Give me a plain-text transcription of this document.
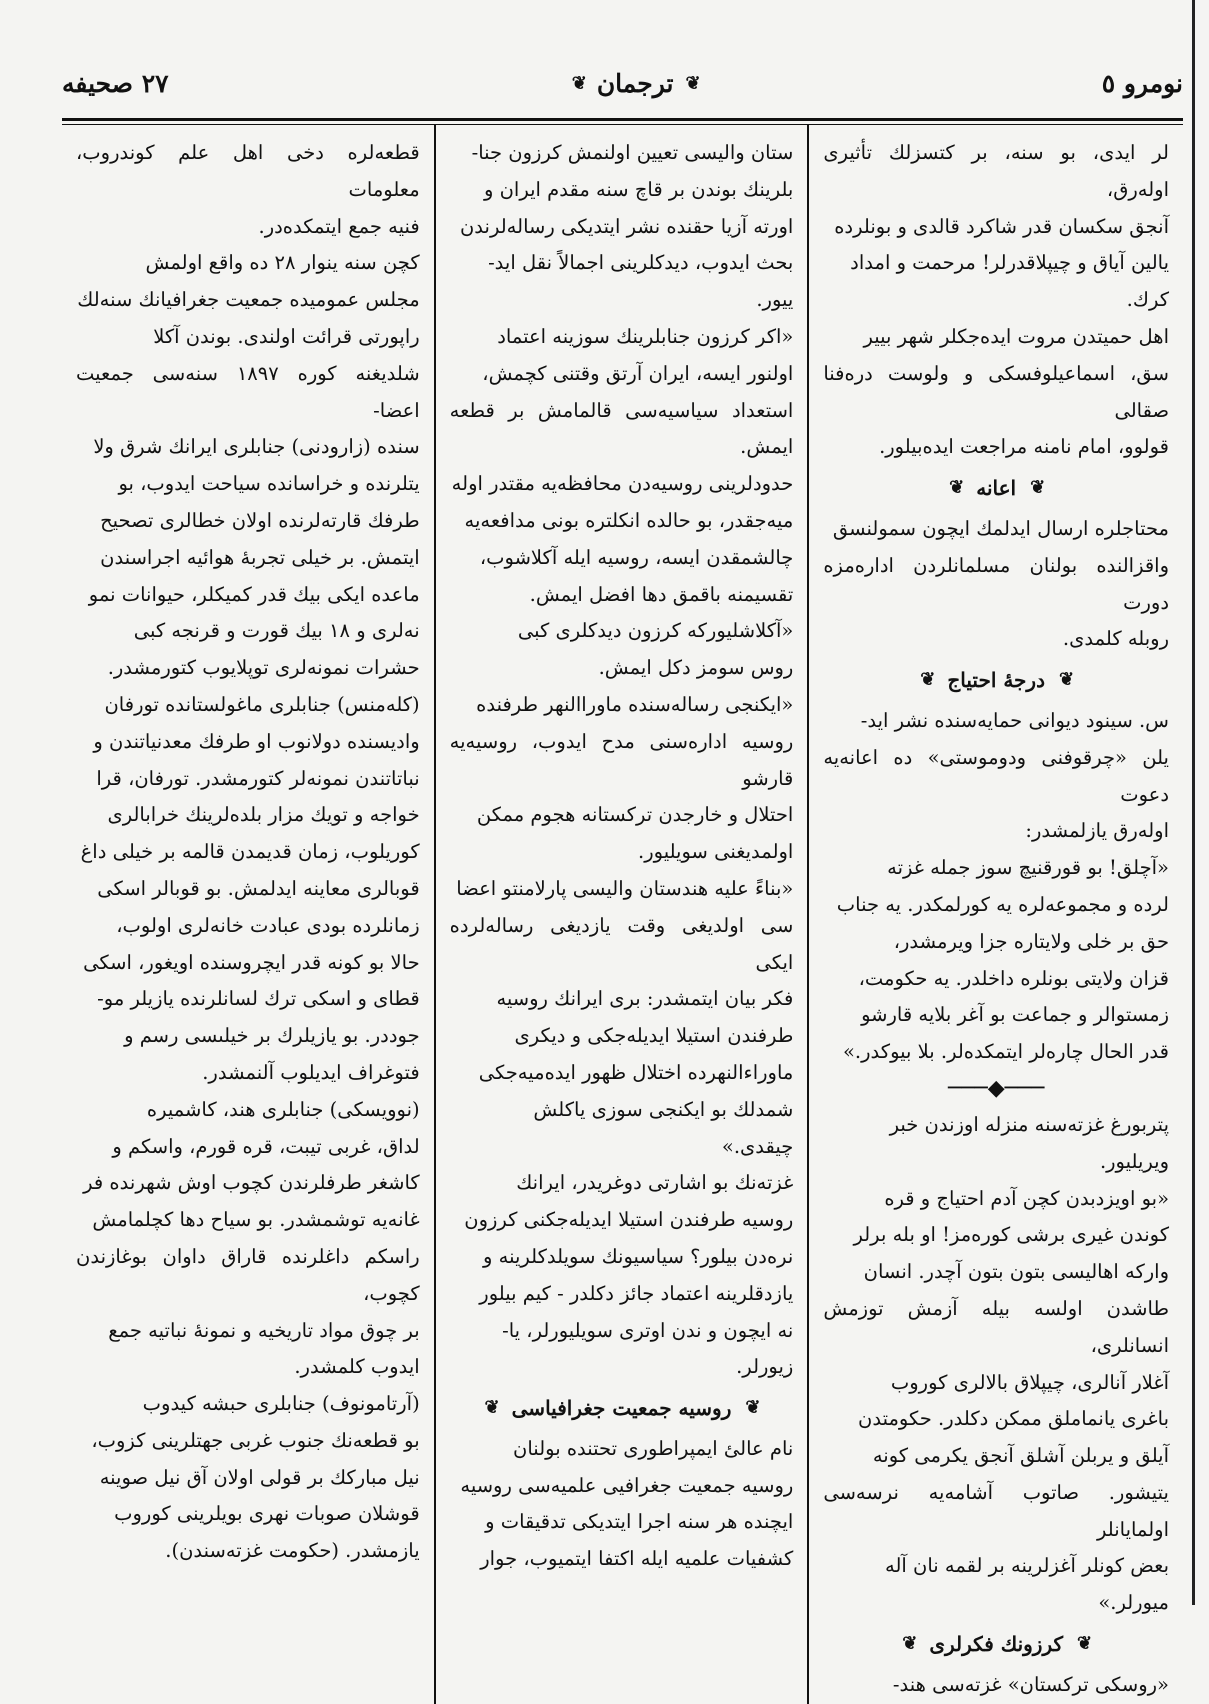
نومرو ٥
❦
ترجمان
❦
٢٧ صحيفه

لر ايدى، بو سنه، بر كتسزلك تأثيرى اولەرق،

آنجق سكسان قدر شاكرد قالدى و بونلرده

يالين آياق و چيپلاقدرلر! مرحمت و امداد

كرك.

اهل حميتدن مروت ايدەجكلر شهر بيير

سق، اسماعيلوفسكى و ولوست درەفنا صقالى

قولوو، امام نامنه مراجعت ايدەبيلور.

❦
اعانه
❦

محتاجلره ارسال ايدلمك ايچون سمولنسق

واقزالنده بولنان مسلمانلردن ادارەمزه دورت

روبله كلمدى.

❦
درجۀ احتياج
❦

س. سينود ديوانى حمايەسنده نشر ايد-

يلن «چرقوفنى ودوموستى» ده اعانەيه دعوت

اولەرق يازلمشدر:

«آچلق! بو قورقنيچ سوز جمله غزته

لرده و مجموعەلره يه كورلمكدر. يه جناب

حق بر خلى ولايتاره جزا ويرمشدر،

قزان ولايتى بونلره داخلدر. يه حكومت،

زمستوالر و جماعت بو آغر بلايه قارشو

قدر الحال چارەلر ايتمكدەلر. بلا بيوكدر.»

───◆───

پتربورغ غزتەسنه منزله اوزندن خبر

ويريليور.

«بو اويزدبدن كچن آدم احتياج و قره

كوندن غيرى برشى كورەمز! او بله برلر

واركه اهاليسى بتون بتون آچدر. انسان

طاشدن اولسه بيله آزمش توزمش انسانلرى،

آغلار آنالرى، چيپلاق بالالرى كوروب

باغرى يانماملق ممكن دكلدر. حكومتدن

آيلق و يربلن آشلق آنجق يكرمى كونه

يتيشور. صاتوب آشامەيه نرسەسى اولمايانلر

بعض كونلر آغزلرينه بر لقمه نان آله

ميورلر.»

❦
كرزونك فكرلرى
❦

«روسكى تركستان» غزتەسى هند-

ستان واليسى تعيين اولنمش كرزون جنا-

بلرينك بوندن بر قاچ سنه مقدم ايران و

اورته آزيا حقنده نشر ايتديكى رسالەلرندن

بحث ايدوب، ديدكلرينى اجمالاً نقل ايد-

ييور.

«اكر كرزون جنابلرينك سوزينه اعتماد

اولنور ايسه، ايران آرتق وقتنى كچمش،

استعداد سياسيەسى قالمامش بر قطعه ايمش.

حدودلرينى روسيەدن محافظەيه مقتدر اوله

ميەجقدر، بو حالده انكلتره بونى مدافعەيه

چالشمقدن ايسه، روسيه ايله آكلاشوب،

تقسيمنه باقمق دها افضل ايمش.

«آكلاشليوركه كرزون ديدكلرى كبى

روس سومز دكل ايمش.

«ايكنجى رسالەسنده ماوراالنهر طرفنده

روسيه ادارەسنى مدح ايدوب، روسيەيه قارشو

احتلال و خارجدن تركستانه هجوم ممكن

اولمديغنى سويليور.

«بناءً عليه هندستان واليسى پارلامنتو اعضا

سى اولديغى وقت يازديغى رسالەلرده ايكى

فكر بيان ايتمشدر: برى ايرانك روسيه

طرفندن استيلا ايديلەجكى و ديكرى

ماوراءالنهرده اختلال ظهور ايدەميەجكى

شمدلك بو ايكنجى سوزى ياكلش

چيقدى.»

غزتەنك بو اشارتى دوغريدر، ايرانك

روسيه طرفندن استيلا ايديلەجكنى كرزون

نرەدن بيلور؟ سياسيونك سويلدكلرينه و

يازدقلرينه اعتماد جائز دكلدر - كيم بيلور

نه ايچون و ندن اوترى سويليورلر، يا-

زيورلر.

❦
روسيه جمعيت جغرافياسى
❦

نام عالئ ايمپراطورى تحتنده بولنان

روسيه جمعيت جغرافيى علميەسى روسيه

ايچنده هر سنه اجرا ايتديكى تدقيقات و

كشفيات علميه ايله اكتفا ايتميوب، جوار

قطعەلره دخى اهل علم كوندروب، معلومات

فنيه جمع ايتمكدەدر.

كچن سنه ينوار ٢٨ ده واقع اولمش

مجلس عموميده جمعيت جغرافيانك سنەلك

راپورتى قرائت اولندى. بوندن آكلا

شلديغنه كوره ١٨٩٧ سنەسى جمعيت اعضا-

سنده (زارودنى) جنابلرى ايرانك شرق ولا

يتلرنده و خراسانده سياحت ايدوب، بو

طرفك قارتەلرنده اولان خطالرى تصحيح

ايتمش. بر خيلى تجربۀ هوائيه اجراسندن

ماعده ايكى بيك قدر كميكلر، حيوانات نمو

نەلرى و ١٨ بيك قورت و قرنجه كبى

حشرات نمونەلرى توپلايوب كتورمشدر.

(كلەمنس) جنابلرى ماغولستانده تورفان

واديسنده دولانوب او طرفك معدنياتندن و

نباتاتندن نمونەلر كتورمشدر. تورفان، قرا

خواجه و تويك مزار بلدەلرينك خرابالرى

كوريلوب، زمان قديمدن قالمه بر خيلى داغ

قوبالرى معاينه ايدلمش. بو قوبالر اسكى

زمانلرده بودى عبادت خانەلرى اولوب،

حالا بو كونه قدر ايچروسنده اويغور، اسكى

قطاى و اسكى ترك لسانلرنده يازيلر مو-

جوددر. بو يازيلرك بر خيلىسى رسم و

فتوغراف ايديلوب آلنمشدر.

(نوويسكى) جنابلرى هند، كاشميره

لداق، غربى تيبت، قره قورم، واسكم و

كاشغر طرفلرندن كچوب اوش شهرنده فر

غانەيه توشمشدر. بو سياح دها كچلمامش

راسكم داغلرنده قاراق داوان بوغازندن كچوب،

بر چوق مواد تاريخيه و نمونۀ نباتيه جمع

ايدوب كلمشدر.

(آرتامونوف) جنابلرى حبشه كيدوب

بو قطعەنك جنوب غربى جهتلرينى كزوب،

نيل مباركك بر قولى اولان آق نيل صوينه

قوشلان صوبات نهرى بويلرينى كوروب

يازمشدر. (حكومت غزتەسندن).
